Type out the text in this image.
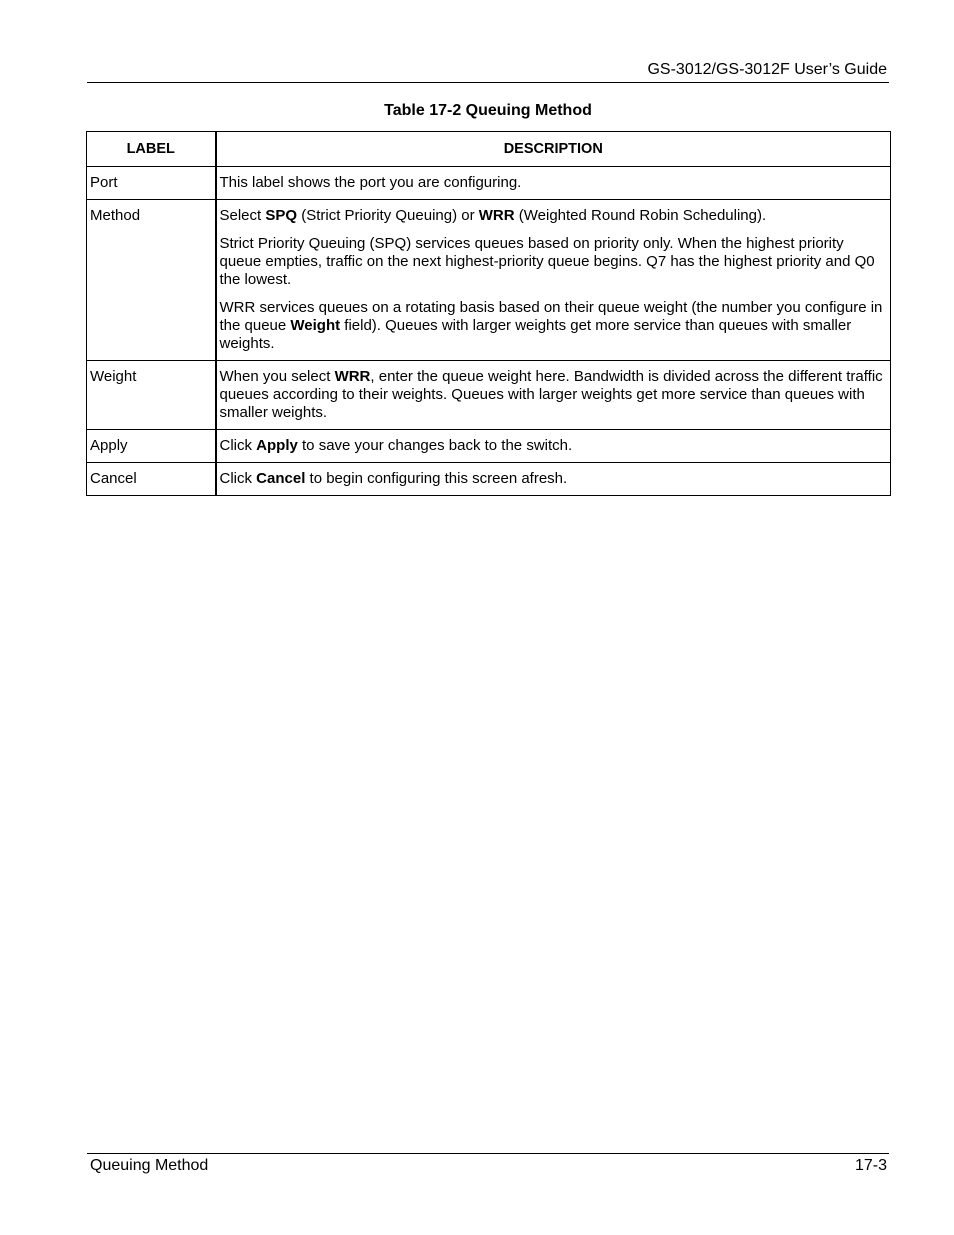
GS-3012/GS-3012F User’s Guide
Table 17-2 Queuing Method
LABEL	DESCRIPTION
Port	This label shows the port you are configuring.

Method	Select SPQ (Strict Priority Queuing) or WRR (Weighted Round Robin Scheduling).

Strict Priority Queuing (SPQ) services queues based on priority only. When the highest priority queue empties, traffic on the next highest-priority queue begins. Q7 has the highest priority and Q0 the lowest.

WRR services queues on a rotating basis based on their queue weight (the number you configure in the queue Weight field). Queues with larger weights get more service than queues with smaller weights.

Weight	When you select WRR, enter the queue weight here. Bandwidth is divided across the different traffic queues according to their weights. Queues with larger weights get more service than queues with smaller weights.

Apply	Click Apply to save your changes back to the switch.

Cancel	Click Cancel to begin configuring this screen afresh.

Queuing Method	17-3
